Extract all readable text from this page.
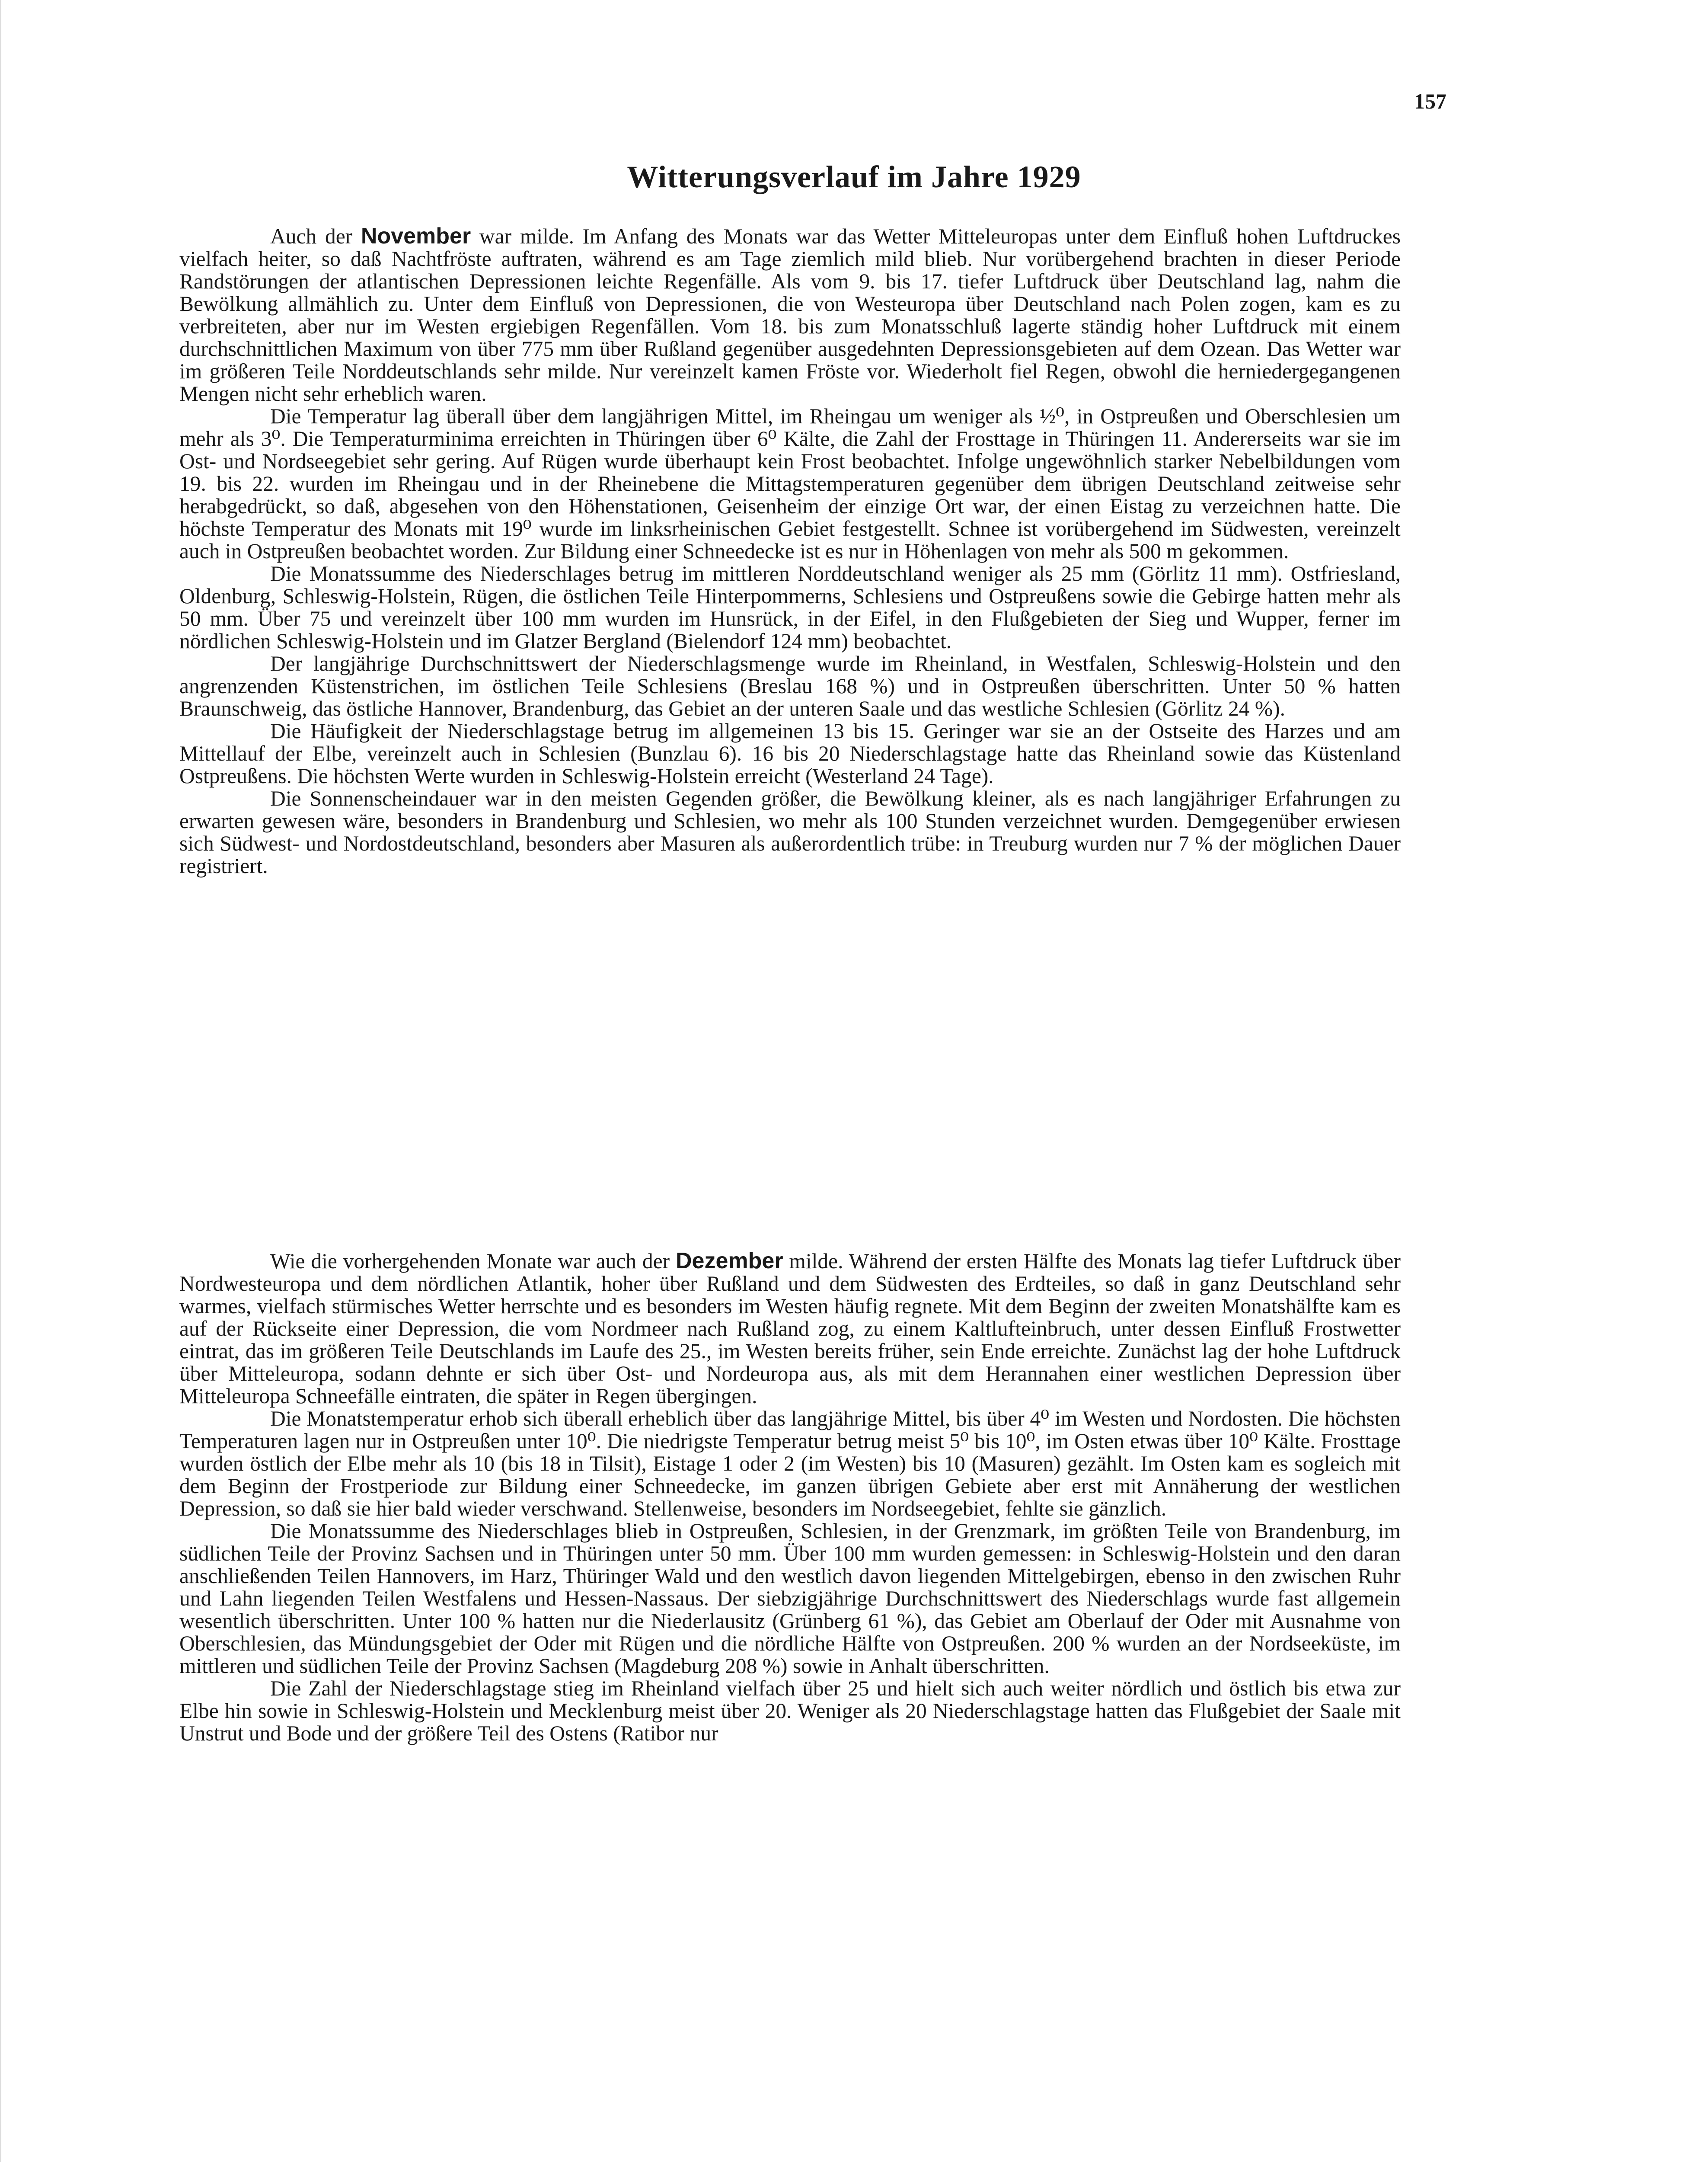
157
Witterungsverlauf im Jahre 1929

Auch der November war milde. Im Anfang des Monats war das Wetter Mitteleuropas unter dem Einfluß hohen Luftdruckes vielfach heiter, so daß Nachtfröste auftraten, während es am Tage ziemlich mild blieb. Nur vorübergehend brachten in dieser Periode Randstörungen der atlantischen Depressionen leichte Regenfälle. Als vom 9. bis 17. tiefer Luftdruck über Deutschland lag, nahm die Bewölkung allmählich zu. Unter dem Einfluß von Depressionen, die von Westeuropa über Deutschland nach Polen zogen, kam es zu verbreiteten, aber nur im Westen ergiebigen Regenfällen. Vom 18. bis zum Monatsschluß lagerte ständig hoher Luftdruck mit einem durchschnittlichen Maximum von über 775 mm über Rußland gegenüber ausgedehnten Depressionsgebieten auf dem Ozean. Das Wetter war im größeren Teile Norddeutschlands sehr milde. Nur vereinzelt kamen Fröste vor. Wiederholt fiel Regen, obwohl die herniedergegangenen Mengen nicht sehr erheblich waren.

Die Temperatur lag überall über dem langjährigen Mittel, im Rheingau um weniger als ½⁰, in Ostpreußen und Oberschlesien um mehr als 3⁰. Die Temperaturminima erreichten in Thüringen über 6⁰ Kälte, die Zahl der Frosttage in Thüringen 11. Andererseits war sie im Ost- und Nordseegebiet sehr gering. Auf Rügen wurde überhaupt kein Frost beobachtet. Infolge ungewöhnlich starker Nebelbildungen vom 19. bis 22. wurden im Rheingau und in der Rheinebene die Mittagstemperaturen gegenüber dem übrigen Deutschland zeitweise sehr herabgedrückt, so daß, abgesehen von den Höhenstationen, Geisenheim der einzige Ort war, der einen Eistag zu verzeichnen hatte. Die höchste Temperatur des Monats mit 19⁰ wurde im linksrheinischen Gebiet festgestellt. Schnee ist vorübergehend im Südwesten, vereinzelt auch in Ostpreußen beobachtet worden. Zur Bildung einer Schneedecke ist es nur in Höhenlagen von mehr als 500 m gekommen.

Die Monatssumme des Niederschlages betrug im mittleren Norddeutschland weniger als 25 mm (Görlitz 11 mm). Ostfriesland, Oldenburg, Schleswig-Holstein, Rügen, die östlichen Teile Hinterpommerns, Schlesiens und Ostpreußens sowie die Gebirge hatten mehr als 50 mm. Über 75 und vereinzelt über 100 mm wurden im Hunsrück, in der Eifel, in den Flußgebieten der Sieg und Wupper, ferner im nördlichen Schleswig-Holstein und im Glatzer Bergland (Bielendorf 124 mm) beobachtet.

Der langjährige Durchschnittswert der Niederschlagsmenge wurde im Rheinland, in Westfalen, Schleswig-Holstein und den angrenzenden Küstenstrichen, im östlichen Teile Schlesiens (Breslau 168 %) und in Ostpreußen überschritten. Unter 50 % hatten Braunschweig, das östliche Hannover, Brandenburg, das Gebiet an der unteren Saale und das westliche Schlesien (Görlitz 24 %).

Die Häufigkeit der Niederschlagstage betrug im allgemeinen 13 bis 15. Geringer war sie an der Ostseite des Harzes und am Mittellauf der Elbe, vereinzelt auch in Schlesien (Bunzlau 6). 16 bis 20 Niederschlagstage hatte das Rheinland sowie das Küstenland Ostpreußens. Die höchsten Werte wurden in Schleswig-Holstein erreicht (Westerland 24 Tage).

Die Sonnenscheindauer war in den meisten Gegenden größer, die Bewölkung kleiner, als es nach langjähriger Erfahrungen zu erwarten gewesen wäre, besonders in Brandenburg und Schlesien, wo mehr als 100 Stunden verzeichnet wurden. Demgegenüber erwiesen sich Südwest- und Nordostdeutschland, besonders aber Masuren als außerordentlich trübe: in Treuburg wurden nur 7 % der möglichen Dauer registriert.

Wie die vorhergehenden Monate war auch der Dezember milde. Während der ersten Hälfte des Monats lag tiefer Luftdruck über Nordwesteuropa und dem nördlichen Atlantik, hoher über Rußland und dem Südwesten des Erdteiles, so daß in ganz Deutschland sehr warmes, vielfach stürmisches Wetter herrschte und es besonders im Westen häufig regnete. Mit dem Beginn der zweiten Monatshälfte kam es auf der Rückseite einer Depression, die vom Nordmeer nach Rußland zog, zu einem Kaltlufteinbruch, unter dessen Einfluß Frostwetter eintrat, das im größeren Teile Deutschlands im Laufe des 25., im Westen bereits früher, sein Ende erreichte. Zunächst lag der hohe Luftdruck über Mitteleuropa, sodann dehnte er sich über Ost- und Nordeuropa aus, als mit dem Herannahen einer westlichen Depression über Mitteleuropa Schneefälle eintraten, die später in Regen übergingen.

Die Monatstemperatur erhob sich überall erheblich über das langjährige Mittel, bis über 4⁰ im Westen und Nordosten. Die höchsten Temperaturen lagen nur in Ostpreußen unter 10⁰. Die niedrigste Temperatur betrug meist 5⁰ bis 10⁰, im Osten etwas über 10⁰ Kälte. Frosttage wurden östlich der Elbe mehr als 10 (bis 18 in Tilsit), Eistage 1 oder 2 (im Westen) bis 10 (Masuren) gezählt. Im Osten kam es sogleich mit dem Beginn der Frostperiode zur Bildung einer Schneedecke, im ganzen übrigen Gebiete aber erst mit Annäherung der westlichen Depression, so daß sie hier bald wieder verschwand. Stellenweise, besonders im Nordseegebiet, fehlte sie gänzlich.

Die Monatssumme des Niederschlages blieb in Ostpreußen, Schlesien, in der Grenzmark, im größten Teile von Brandenburg, im südlichen Teile der Provinz Sachsen und in Thüringen unter 50 mm. Über 100 mm wurden gemessen: in Schleswig-Holstein und den daran anschließenden Teilen Hannovers, im Harz, Thüringer Wald und den westlich davon liegenden Mittelgebirgen, ebenso in den zwischen Ruhr und Lahn liegenden Teilen Westfalens und Hessen-Nassaus. Der siebzigjährige Durchschnittswert des Niederschlags wurde fast allgemein wesentlich überschritten. Unter 100 % hatten nur die Niederlausitz (Grünberg 61 %), das Gebiet am Oberlauf der Oder mit Ausnahme von Oberschlesien, das Mündungsgebiet der Oder mit Rügen und die nördliche Hälfte von Ostpreußen. 200 % wurden an der Nordseeküste, im mittleren und südlichen Teile der Provinz Sachsen (Magdeburg 208 %) sowie in Anhalt überschritten.

Die Zahl der Niederschlagstage stieg im Rheinland vielfach über 25 und hielt sich auch weiter nördlich und östlich bis etwa zur Elbe hin sowie in Schleswig-Holstein und Mecklenburg meist über 20. Weniger als 20 Niederschlagstage hatten das Flußgebiet der Saale mit Unstrut und Bode und der größere Teil des Ostens (Ratibor nur
